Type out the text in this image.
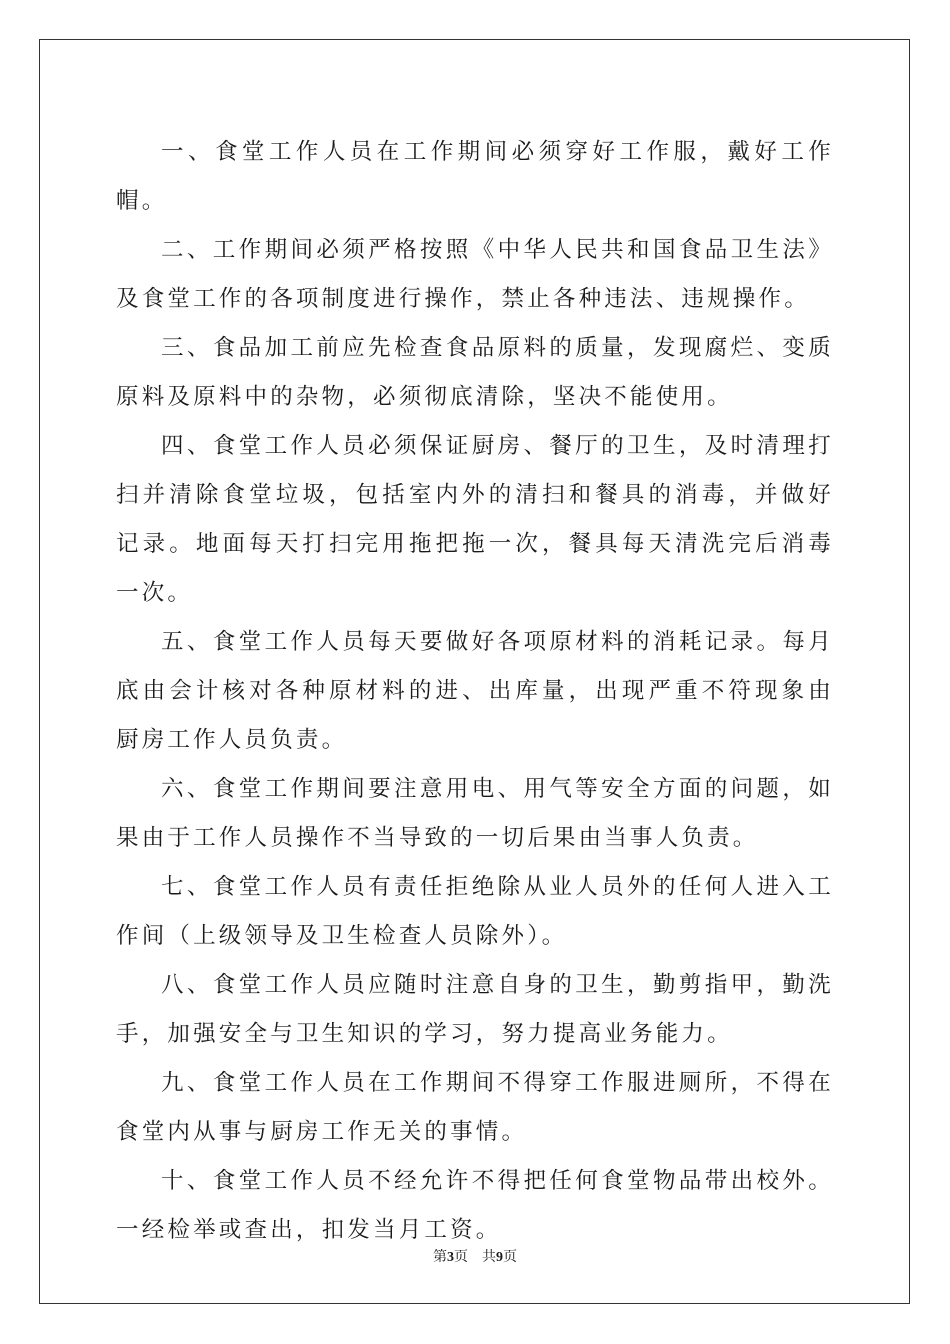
一、食堂工作人员在工作期间必须穿好工作服，戴好工作帽。

二、工作期间必须严格按照《中华人民共和国食品卫生法》及食堂工作的各项制度进行操作，禁止各种违法、违规操作。

三、食品加工前应先检查食品原料的质量，发现腐烂、变质原料及原料中的杂物，必须彻底清除，坚决不能使用。

四、食堂工作人员必须保证厨房、餐厅的卫生，及时清理打扫并清除食堂垃圾，包括室内外的清扫和餐具的消毒，并做好记录。地面每天打扫完用拖把拖一次，餐具每天清洗完后消毒一次。

五、食堂工作人员每天要做好各项原材料的消耗记录。每月底由会计核对各种原材料的进、出库量，出现严重不符现象由厨房工作人员负责。

六、食堂工作期间要注意用电、用气等安全方面的问题，如果由于工作人员操作不当导致的一切后果由当事人负责。

七、食堂工作人员有责任拒绝除从业人员外的任何人进入工作间（上级领导及卫生检查人员除外）。

八、食堂工作人员应随时注意自身的卫生，勤剪指甲，勤洗手，加强安全与卫生知识的学习，努力提高业务能力。

九、食堂工作人员在工作期间不得穿工作服进厕所，不得在食堂内从事与厨房工作无关的事情。

十、食堂工作人员不经允许不得把任何食堂物品带出校外。一经检举或查出，扣发当月工资。

第3页 共9页
